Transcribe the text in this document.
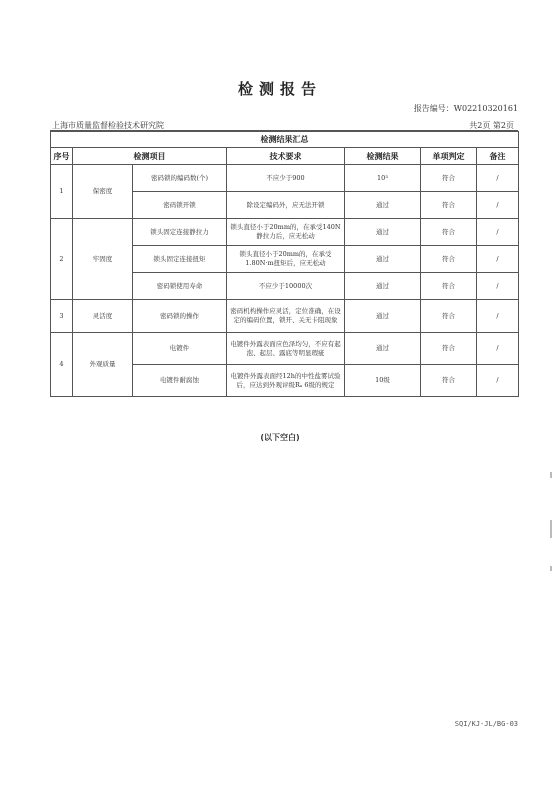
检测报告
报告编号：W02210320161
上海市质量监督检验技术研究院	共2页 第2页
检测结果汇总						
序号	检测项目		技术要求	检测结果	单项判定	备注
1	保密度	密码锁的编码数(个)	不应少于900	10³	符合	/
		密码锁开锁	除设定编码外，应无法开锁	通过	符合	/
2	牢固度	锁头固定连接静拉力	锁头直径小于20mm的，在承受140N静拉力后，应无松动	通过	符合	/
		锁头固定连接扭矩	锁头直径小于20mm的，在承受1.80N·m扭矩后，应无松动	通过	符合	/
		密码锁使用寿命	不应少于10000次	通过	符合	/
3	灵活度	密码锁的操作	密码机构操作应灵活，定位准确，在设定的编码位置，锁开、关无卡阻现象	通过	符合	/
4	外观质量	电镀件	电镀件外露表面应色泽均匀，不应有起泡、起层、露底等明显瑕疵	通过	符合	/
		电镀件耐腐蚀	电镀件外露表面经12h的中性盐雾试验后，应达到外观评级Rₐ 6级的规定	10级	符合	/
(以下空白)
SQI/KJ-JL/BG-03
